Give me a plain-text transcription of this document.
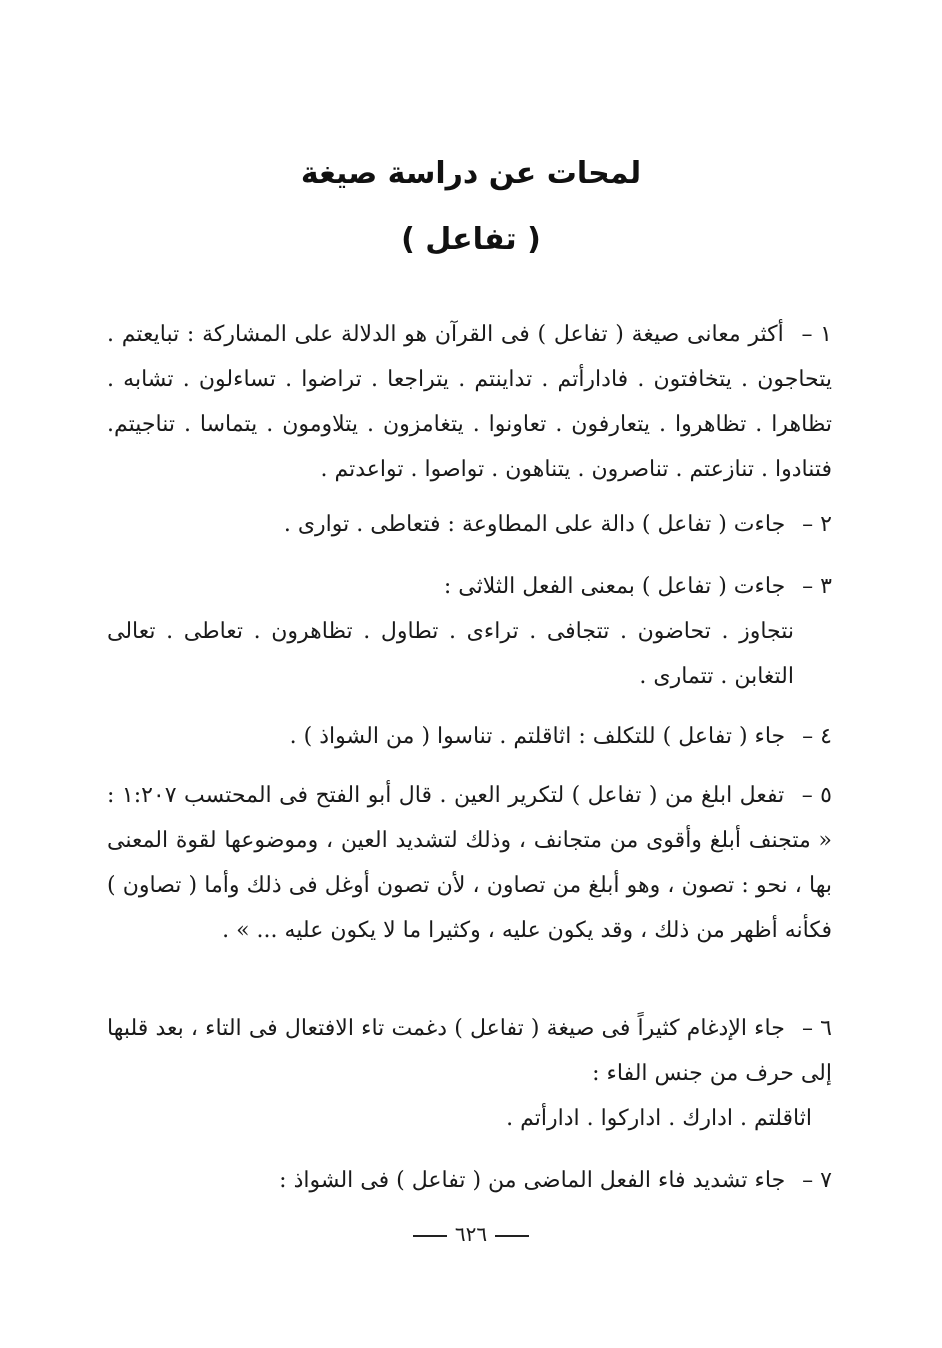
لمحات عن دراسة صيغة
( تفاعل )
١ – أكثر معانى صيغة ( تفاعل ) فى القرآن هو الدلالة على المشاركة : تبايعتم . يتحاجون . يتخافتون . فادارأتم . تداينتم . يتراجعا . تراضوا . تساءلون . تشابه . تظاهرا . تظاهروا . يتعارفون . تعاونوا . يتغامزون . يتلاومون . يتماسا . تناجيتم. فتنادوا . تنازعتم . تناصرون . يتناهون . تواصوا . تواعدتم .
٢ – جاءت ( تفاعل ) دالة على المطاوعة : فتعاطى . توارى .
٣ – جاءت ( تفاعل ) بمعنى الفعل الثلاثى :
نتجاوز . تحاضون . تتجافى . تراءى . تطاول . تظاهرون . تعاطى . تعالى التغابن . تتمارى .
٤ – جاء ( تفاعل ) للتكلف : اثاقلتم . تناسوا ( من الشواذ ) .
٥ – تفعل ابلغ من ( تفاعل ) لتكرير العين . قال أبو الفتح فى المحتسب ١:٢٠٧ : « متجنف أبلغ وأقوى من متجانف ، وذلك لتشديد العين ، وموضوعها لقوة المعنى بها ، نحو : تصون ، وهو أبلغ من تصاون ، لأن تصون أوغل فى ذلك وأما ( تصاون ) فكأنه أظهر من ذلك ، وقد يكون عليه ، وكثيرا ما لا يكون عليه ... » .
٦ – جاء الإدغام كثيراً فى صيغة ( تفاعل ) دغمت تاء الافتعال فى التاء ، بعد قلبها إلى حرف من جنس الفاء :
اثاقلتم . ادارك . اداركوا . ادارأتم .
٧ – جاء تشديد فاء الفعل الماضى من ( تفاعل ) فى الشواذ :
٦٢٦
